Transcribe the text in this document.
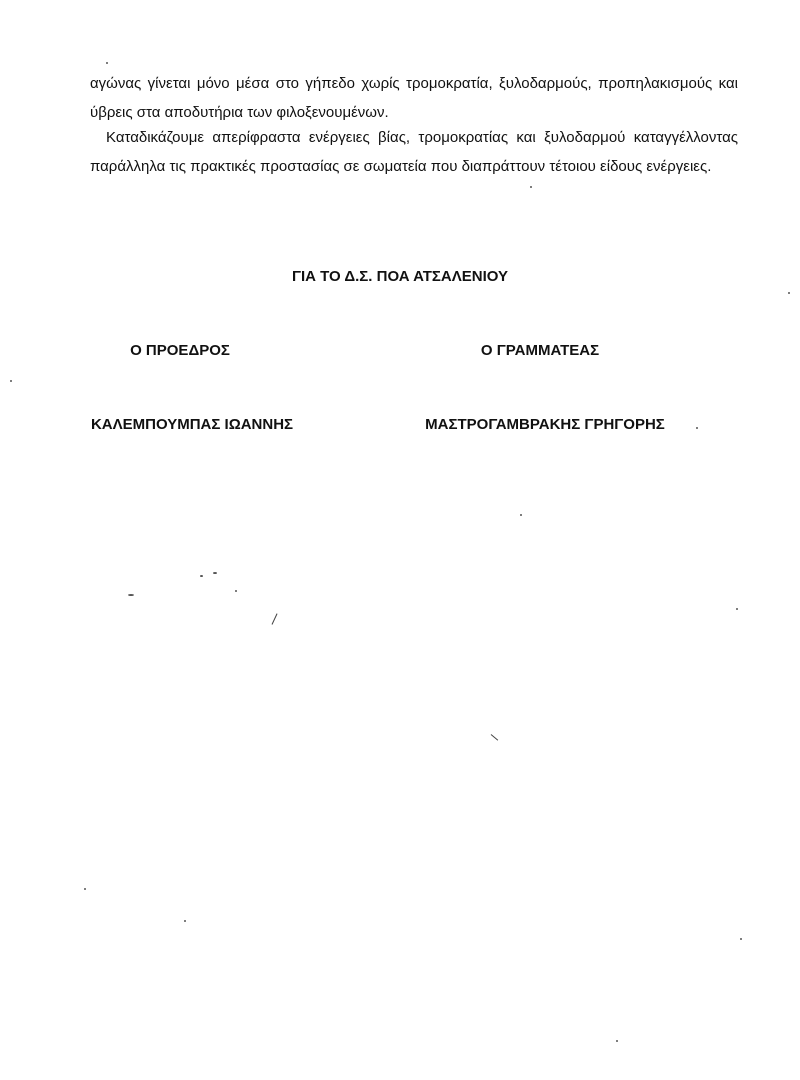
αγώνας γίνεται μόνο μέσα στο γήπεδο χωρίς τρομοκρατία, ξυλοδαρμούς, προπηλακισμούς και ύβρεις στα αποδυτήρια των φιλοξενουμένων.
Καταδικάζουμε απερίφραστα ενέργειες βίας, τρομοκρατίας και ξυλοδαρμού καταγγέλλοντας παράλληλα τις πρακτικές προστασίας σε σωματεία που διαπράττουν τέτοιου είδους ενέργειες.
ΓΙΑ ΤΟ Δ.Σ. ΠΟΑ ΑΤΣΑΛΕΝΙΟΥ
Ο ΠΡΟΕΔΡΟΣ	Ο ΓΡΑΜΜΑΤΕΑΣ
ΚΑΛΕΜΠΟΥΜΠΑΣ ΙΩΑΝΝΗΣ	ΜΑΣΤΡΟΓΑΜΒΡΑΚΗΣ ΓΡΗΓΟΡΗΣ
